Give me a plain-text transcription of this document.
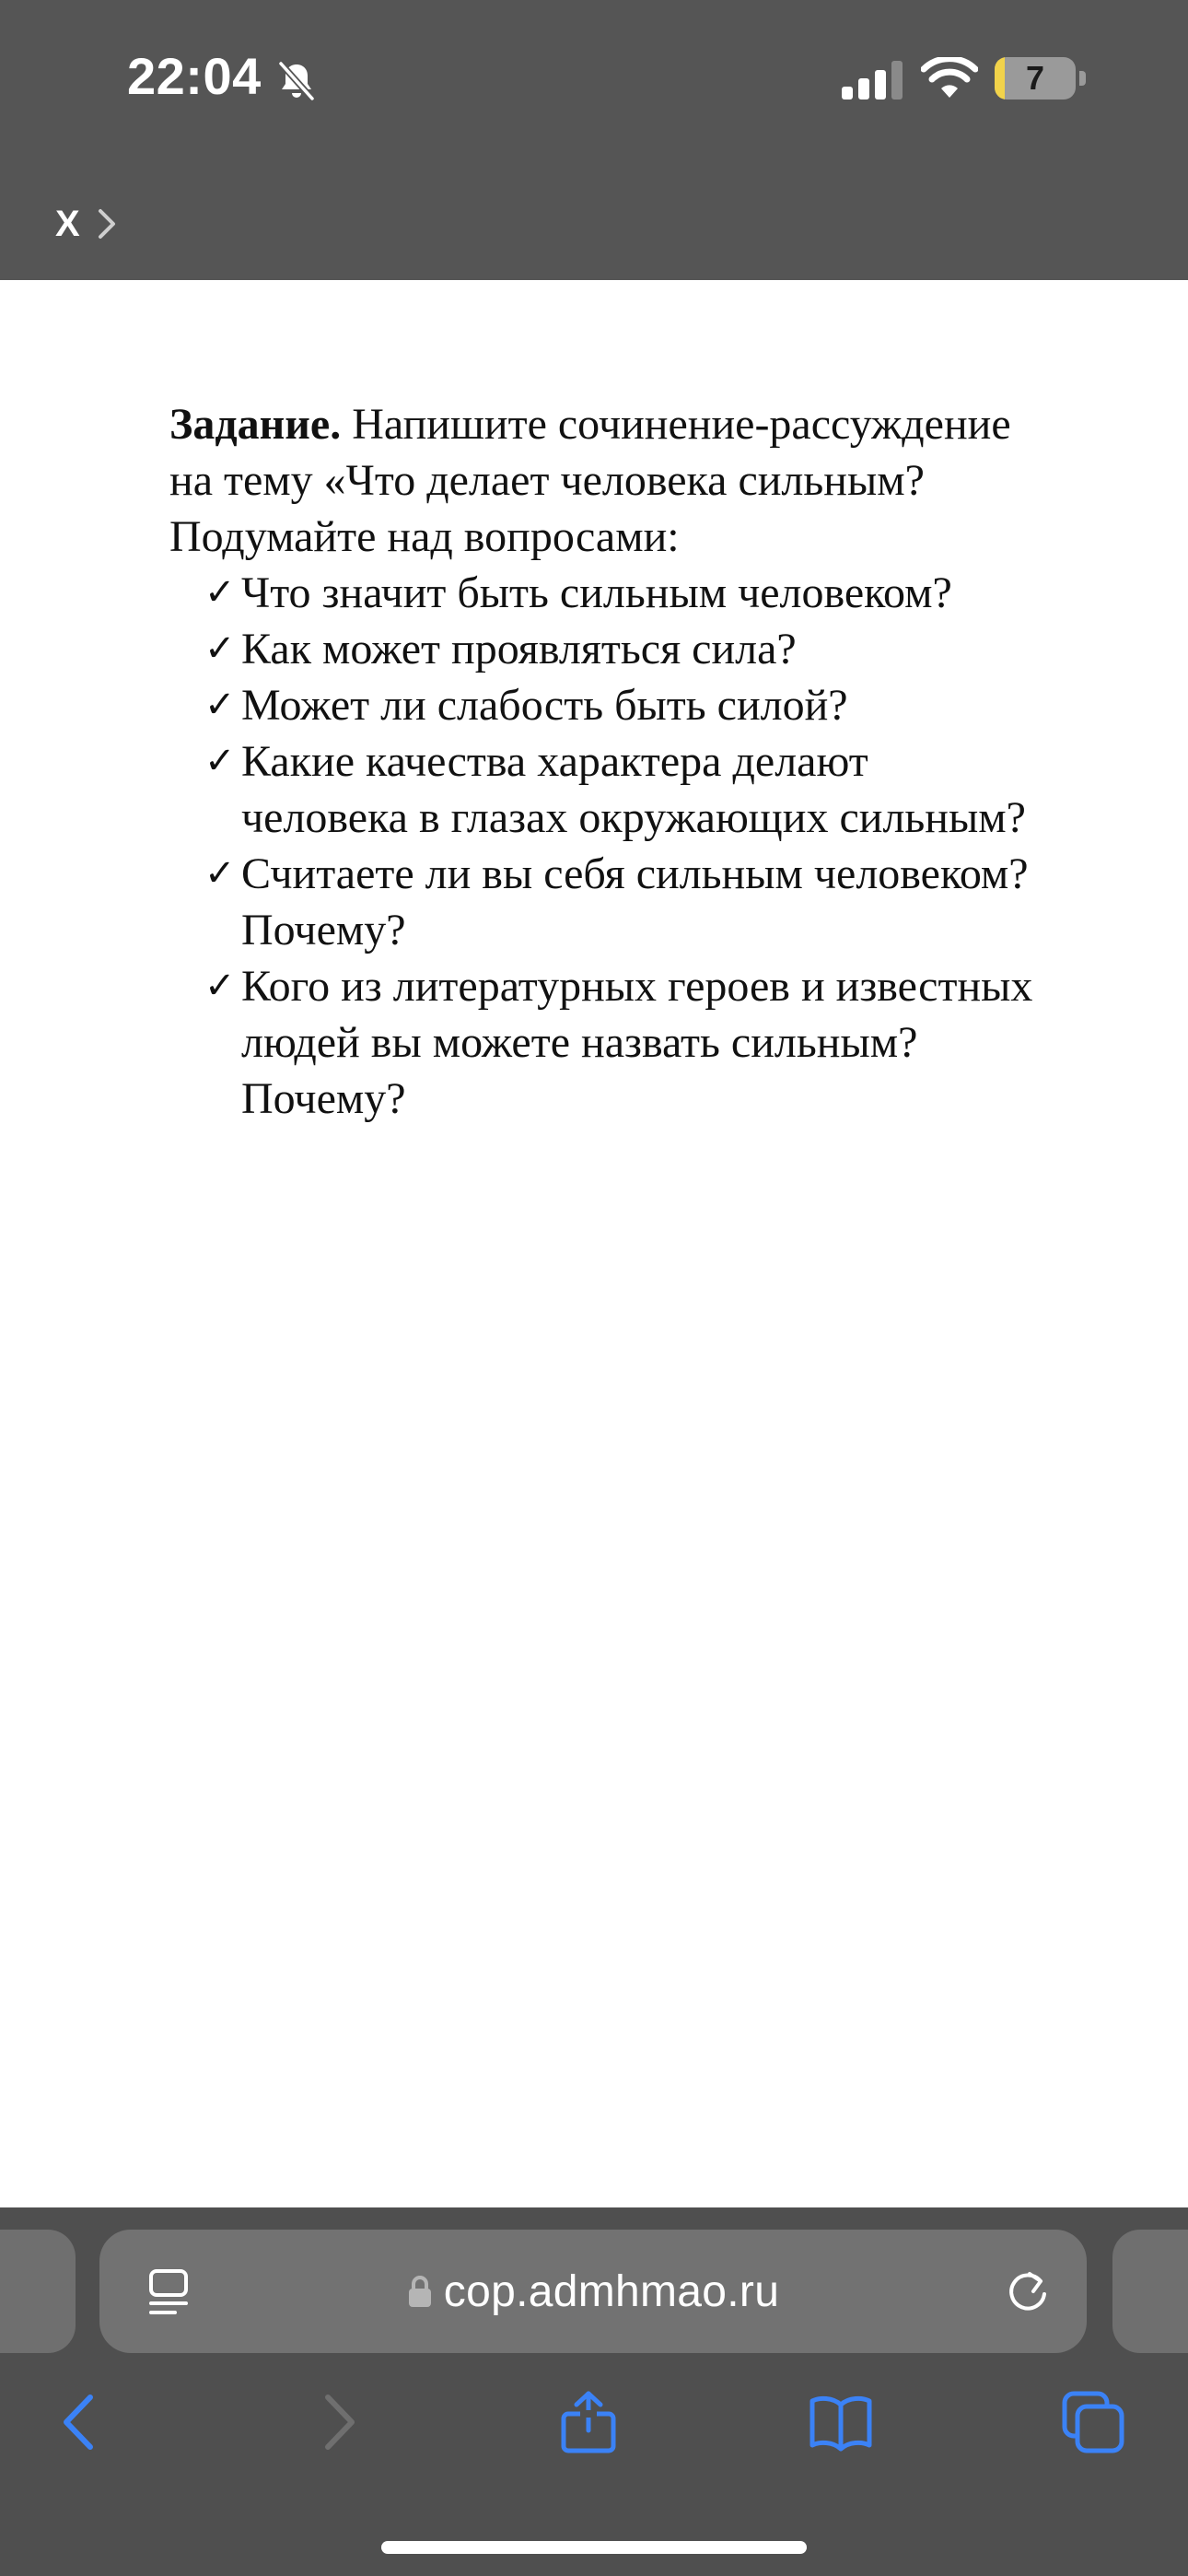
22:04	7
X

Задание. Напишите сочинение-рассуждение

на тему «Что делает человека сильным?

Подумайте над вопросами:

✓ Что значит быть сильным человеком?
✓ Как может проявляться сила?
✓ Может ли слабость быть силой?
✓ Какие качества характера делают
человека в глазах окружающих сильным?
✓ Считаете ли вы себя сильным человеком?
Почему?
✓ Кого из литературных героев и известных
людей вы можете назвать сильным?
Почему?
cop.admhmao.ru
